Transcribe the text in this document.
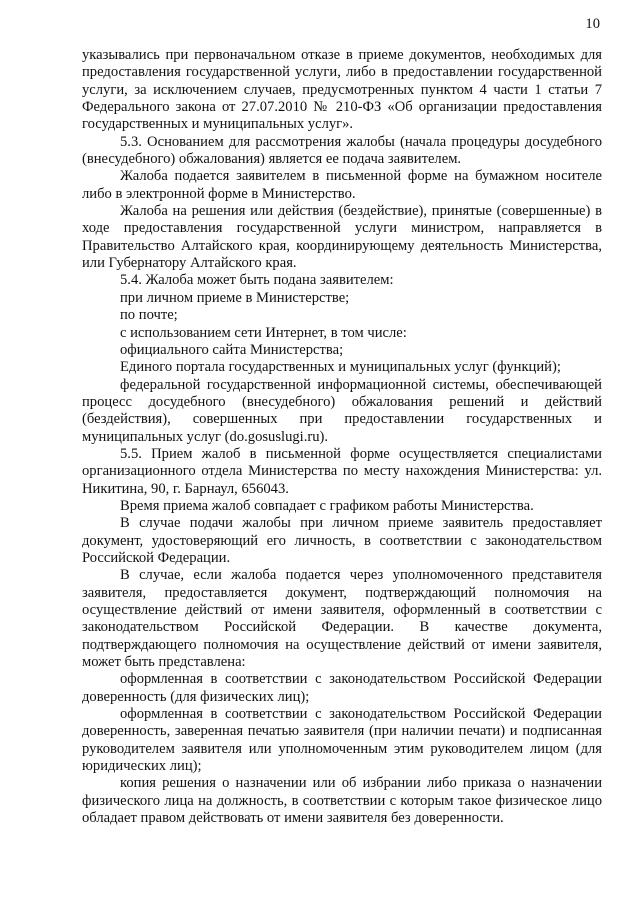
10

указывались при первоначальном отказе в приеме документов, необходимых для предоставления государственной услуги, либо в предоставлении государственной услуги, за исключением случаев, предусмотренных пунктом 4 части 1 статьи 7 Федерального закона от 27.07.2010 № 210-ФЗ «Об организации предоставления государственных и муниципальных услуг».

5.3. Основанием для рассмотрения жалобы (начала процедуры досудебного (внесудебного) обжалования) является ее подача заявителем.

Жалоба подается заявителем в письменной форме на бумажном носителе либо в электронной форме в Министерство.

Жалоба на решения или действия (бездействие), принятые (совершенные) в ходе предоставления государственной услуги министром, направляется в Правительство Алтайского края, координирующему деятельность Министерства, или Губернатору Алтайского края.

5.4. Жалоба может быть подана заявителем:

при личном приеме в Министерстве;

по почте;

с использованием сети Интернет, в том числе:

официального сайта Министерства;

Единого портала государственных и муниципальных услуг (функций);

федеральной государственной информационной системы, обеспечивающей процесс досудебного (внесудебного) обжалования решений и действий (бездействия), совершенных при предоставлении государственных и муниципальных услуг (do.gosuslugi.ru).

5.5. Прием жалоб в письменной форме осуществляется специалистами организационного отдела Министерства по месту нахождения Министерства: ул. Никитина, 90, г. Барнаул, 656043.

Время приема жалоб совпадает с графиком работы Министерства.

В случае подачи жалобы при личном приеме заявитель предоставляет документ, удостоверяющий его личность, в соответствии с законодательством Российской Федерации.

В случае, если жалоба подается через уполномоченного представителя заявителя, предоставляется документ, подтверждающий полномочия на осуществление действий от имени заявителя, оформленный в соответствии с законодательством Российской Федерации. В качестве документа, подтверждающего полномочия на осуществление действий от имени заявителя, может быть представлена:

оформленная в соответствии с законодательством Российской Федерации доверенность (для физических лиц);

оформленная в соответствии с законодательством Российской Федерации доверенность, заверенная печатью заявителя (при наличии печати) и подписанная руководителем заявителя или уполномоченным этим руководителем лицом (для юридических лиц);

копия решения о назначении или об избрании либо приказа о назначении физического лица на должность, в соответствии с которым такое физическое лицо обладает правом действовать от имени заявителя без доверенности.
